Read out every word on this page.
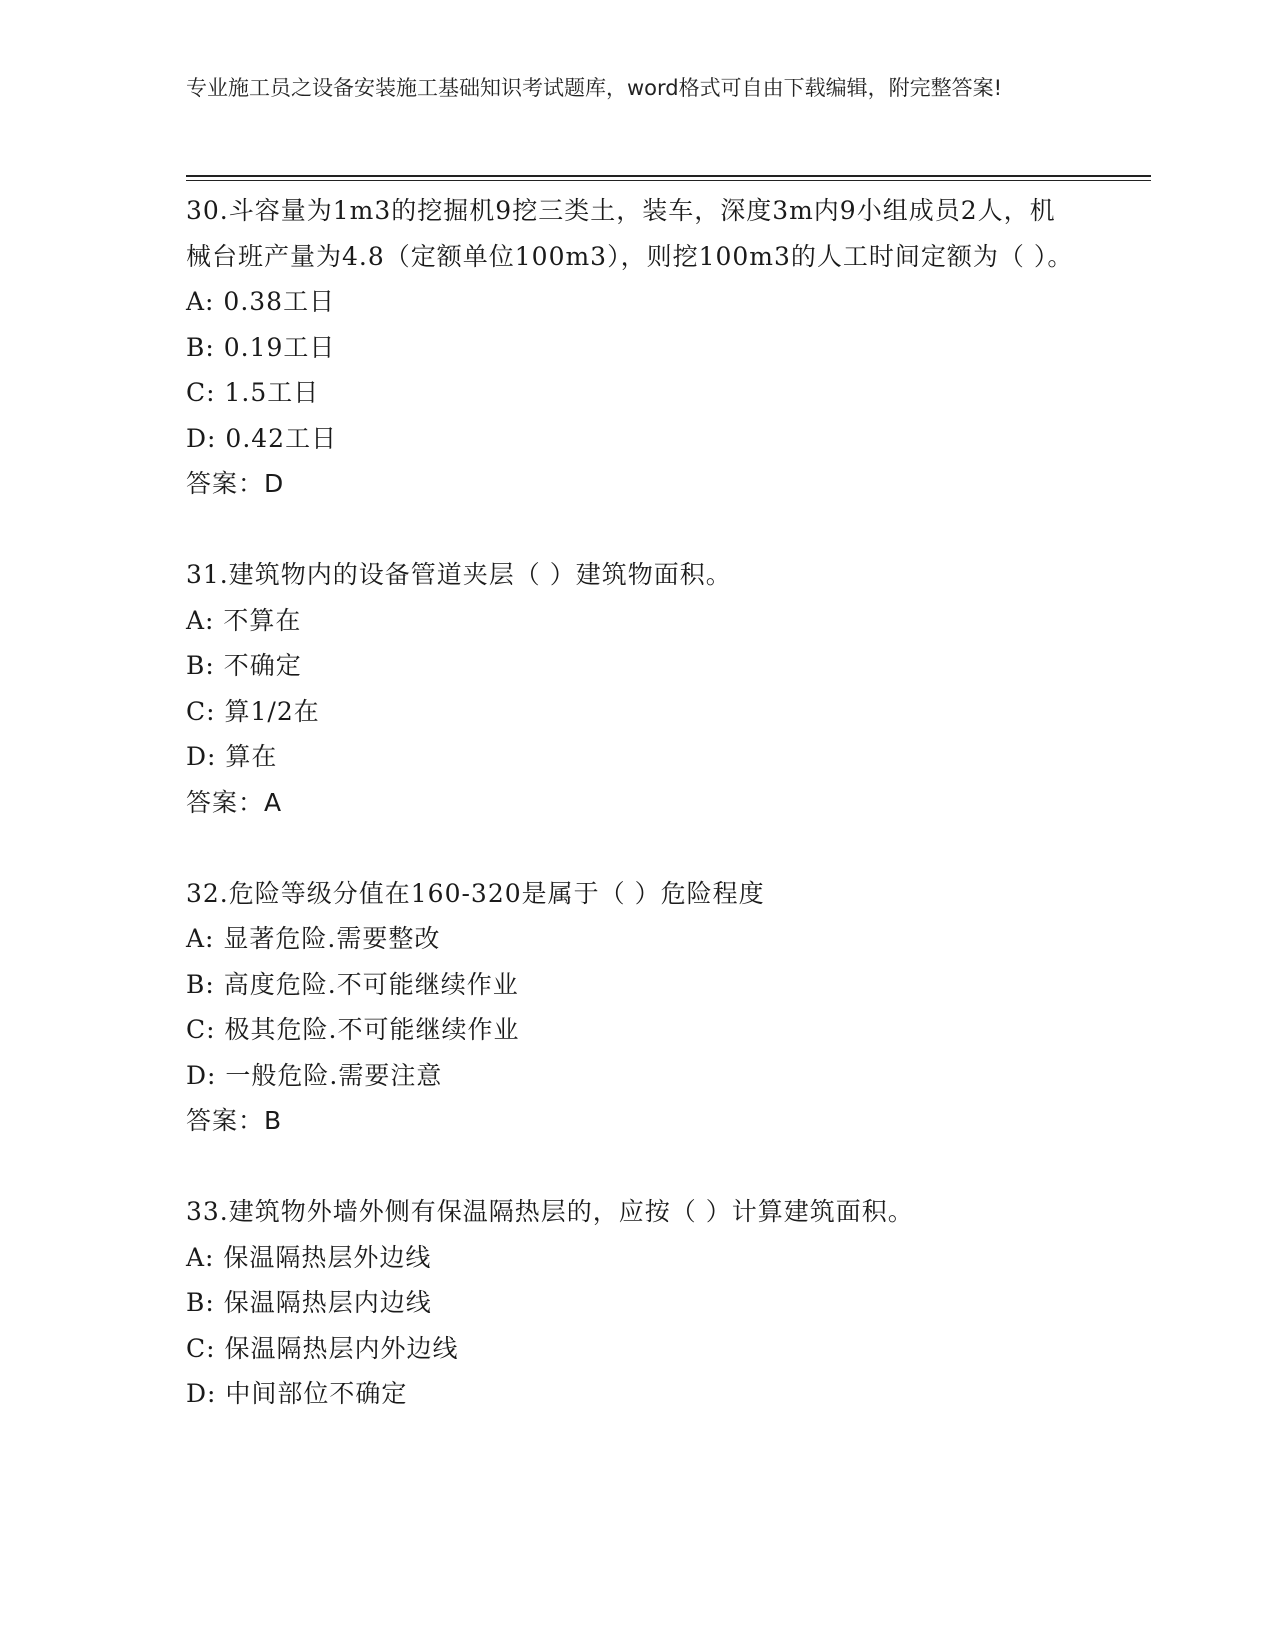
专业施工员之设备安装施工基础知识考试题库，word格式可自由下载编辑，附完整答案!

30.斗容量为1m3的挖掘机9挖三类土，装车，深度3m内9小组成员2人，机械台班产量为4.8（定额单位100m3），则挖100m3的人工时间定额为（ ）。

A: 0.38工日

B: 0.19工日

C: 1.5工日

D: 0.42工日

答案：D

31.建筑物内的设备管道夹层（ ）建筑物面积。

A: 不算在

B: 不确定

C: 算1/2在

D: 算在

答案：A

32.危险等级分值在160-320是属于（ ）危险程度

A: 显著危险.需要整改

B: 高度危险.不可能继续作业

C: 极其危险.不可能继续作业

D: 一般危险.需要注意

答案：B

33.建筑物外墙外侧有保温隔热层的，应按（ ）计算建筑面积。

A: 保温隔热层外边线

B: 保温隔热层内边线

C: 保温隔热层内外边线

D: 中间部位不确定
